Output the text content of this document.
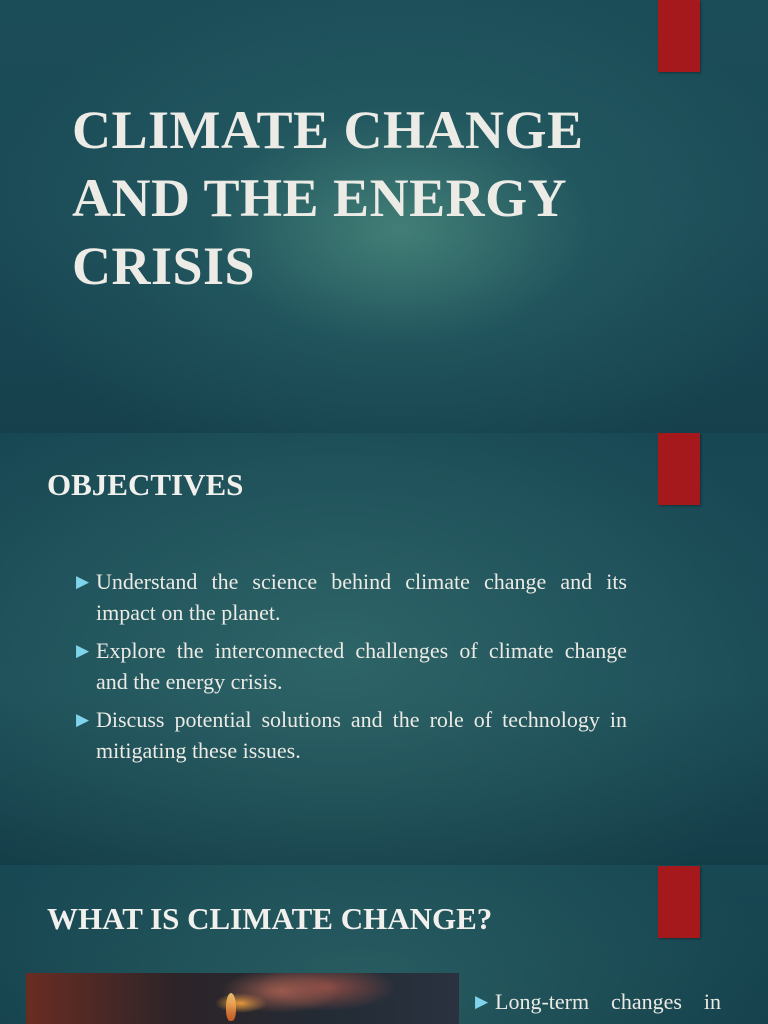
CLIMATE CHANGE
AND THE ENERGY
CRISIS
OBJECTIVES
▶ Understand the science behind climate change and its impact on the planet.
▶ Explore the interconnected challenges of climate change and the energy crisis.
▶ Discuss potential solutions and the role of technology in mitigating these issues.
WHAT IS CLIMATE CHANGE?
▶ Long-term changes in
